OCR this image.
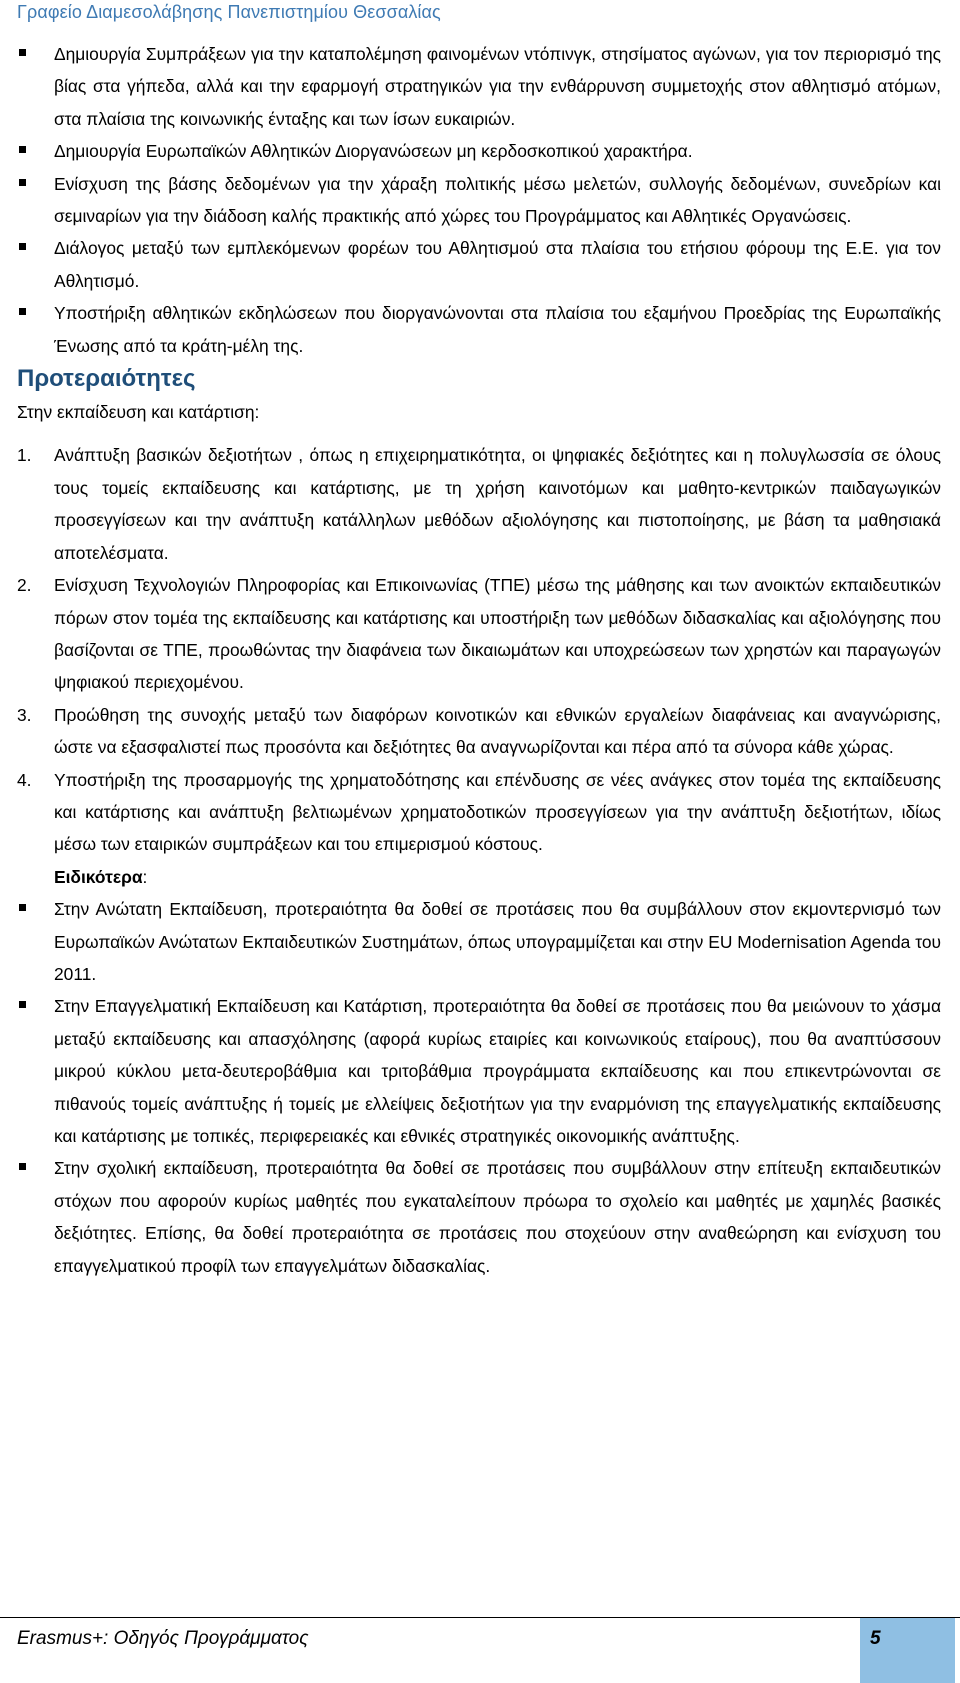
Γραφείο Διαμεσολάβησης Πανεπιστημίου Θεσσαλίας
Δημιουργία Συμπράξεων για την καταπολέμηση φαινομένων ντόπινγκ, στησίματος αγώνων, για τον περιορισμό της βίας στα γήπεδα, αλλά και την εφαρμογή στρατηγικών για την ενθάρρυνση συμμετοχής στον αθλητισμό ατόμων, στα πλαίσια της κοινωνικής ένταξης και των ίσων ευκαιριών.
Δημιουργία Ευρωπαϊκών Αθλητικών Διοργανώσεων μη κερδοσκοπικού χαρακτήρα.
Ενίσχυση της βάσης δεδομένων για την χάραξη πολιτικής μέσω μελετών, συλλογής δεδομένων, συνεδρίων και σεμιναρίων για την διάδοση καλής πρακτικής από χώρες του Προγράμματος και Αθλητικές Οργανώσεις.
Διάλογος μεταξύ των εμπλεκόμενων φορέων του Αθλητισμού στα πλαίσια του ετήσιου φόρουμ της Ε.Ε. για τον Αθλητισμό.
Υποστήριξη αθλητικών εκδηλώσεων που διοργανώνονται στα πλαίσια του εξαμήνου Προεδρίας της Ευρωπαϊκής Ένωσης από τα κράτη-μέλη της.
Προτεραιότητες
Στην εκπαίδευση και κατάρτιση:
1. Ανάπτυξη βασικών δεξιοτήτων , όπως η επιχειρηματικότητα, οι ψηφιακές δεξιότητες και η πολυγλωσσία σε όλους τους τομείς εκπαίδευσης και κατάρτισης, με τη χρήση καινοτόμων και μαθητο-κεντρικών παιδαγωγικών προσεγγίσεων και την ανάπτυξη κατάλληλων μεθόδων αξιολόγησης και πιστοποίησης, με βάση τα μαθησιακά αποτελέσματα.
2. Ενίσχυση Τεχνολογιών Πληροφορίας και Επικοινωνίας (ΤΠΕ) μέσω της μάθησης και των ανοικτών εκπαιδευτικών πόρων στον τομέα της εκπαίδευσης και κατάρτισης και υποστήριξη των μεθόδων διδασκαλίας και αξιολόγησης που βασίζονται σε ΤΠΕ, προωθώντας την διαφάνεια των δικαιωμάτων και υποχρεώσεων των χρηστών και παραγωγών ψηφιακού περιεχομένου.
3. Προώθηση της συνοχής μεταξύ των διαφόρων κοινοτικών και εθνικών εργαλείων διαφάνειας και αναγνώρισης, ώστε να εξασφαλιστεί πως προσόντα και δεξιότητες θα αναγνωρίζονται και πέρα από τα σύνορα κάθε χώρας.
4. Υποστήριξη της προσαρμογής της χρηματοδότησης και επένδυσης σε νέες ανάγκες στον τομέα της εκπαίδευσης και κατάρτισης και ανάπτυξη βελτιωμένων χρηματοδοτικών προσεγγίσεων για την ανάπτυξη δεξιοτήτων, ιδίως μέσω των εταιρικών συμπράξεων και του επιμερισμού κόστους.
Ειδικότερα:
Στην Ανώτατη Εκπαίδευση, προτεραιότητα θα δοθεί σε προτάσεις που θα συμβάλλουν στον εκμοντερνισμό των Ευρωπαϊκών Ανώτατων Εκπαιδευτικών Συστημάτων, όπως υπογραμμίζεται και στην EU Modernisation Agenda του 2011.
Στην Επαγγελματική Εκπαίδευση και Κατάρτιση, προτεραιότητα θα δοθεί σε προτάσεις που θα μειώνουν το χάσμα μεταξύ εκπαίδευσης και απασχόλησης (αφορά κυρίως εταιρίες και κοινωνικούς εταίρους), που θα αναπτύσσουν μικρού κύκλου μετα-δευτεροβάθμια και τριτοβάθμια προγράμματα εκπαίδευσης και που επικεντρώνονται σε πιθανούς τομείς ανάπτυξης ή τομείς με ελλείψεις δεξιοτήτων για την εναρμόνιση της επαγγελματικής εκπαίδευσης και κατάρτισης με τοπικές, περιφερειακές και εθνικές στρατηγικές οικονομικής ανάπτυξης.
Στην σχολική εκπαίδευση, προτεραιότητα θα δοθεί σε προτάσεις που συμβάλλουν στην επίτευξη εκπαιδευτικών στόχων που αφορούν κυρίως μαθητές που εγκαταλείπουν πρόωρα το σχολείο και μαθητές με χαμηλές βασικές δεξιότητες. Επίσης, θα δοθεί προτεραιότητα σε προτάσεις που στοχεύουν στην αναθεώρηση και ενίσχυση του επαγγελματικού προφίλ των επαγγελμάτων διδασκαλίας.
Erasmus+: Οδηγός Προγράμματος	5
